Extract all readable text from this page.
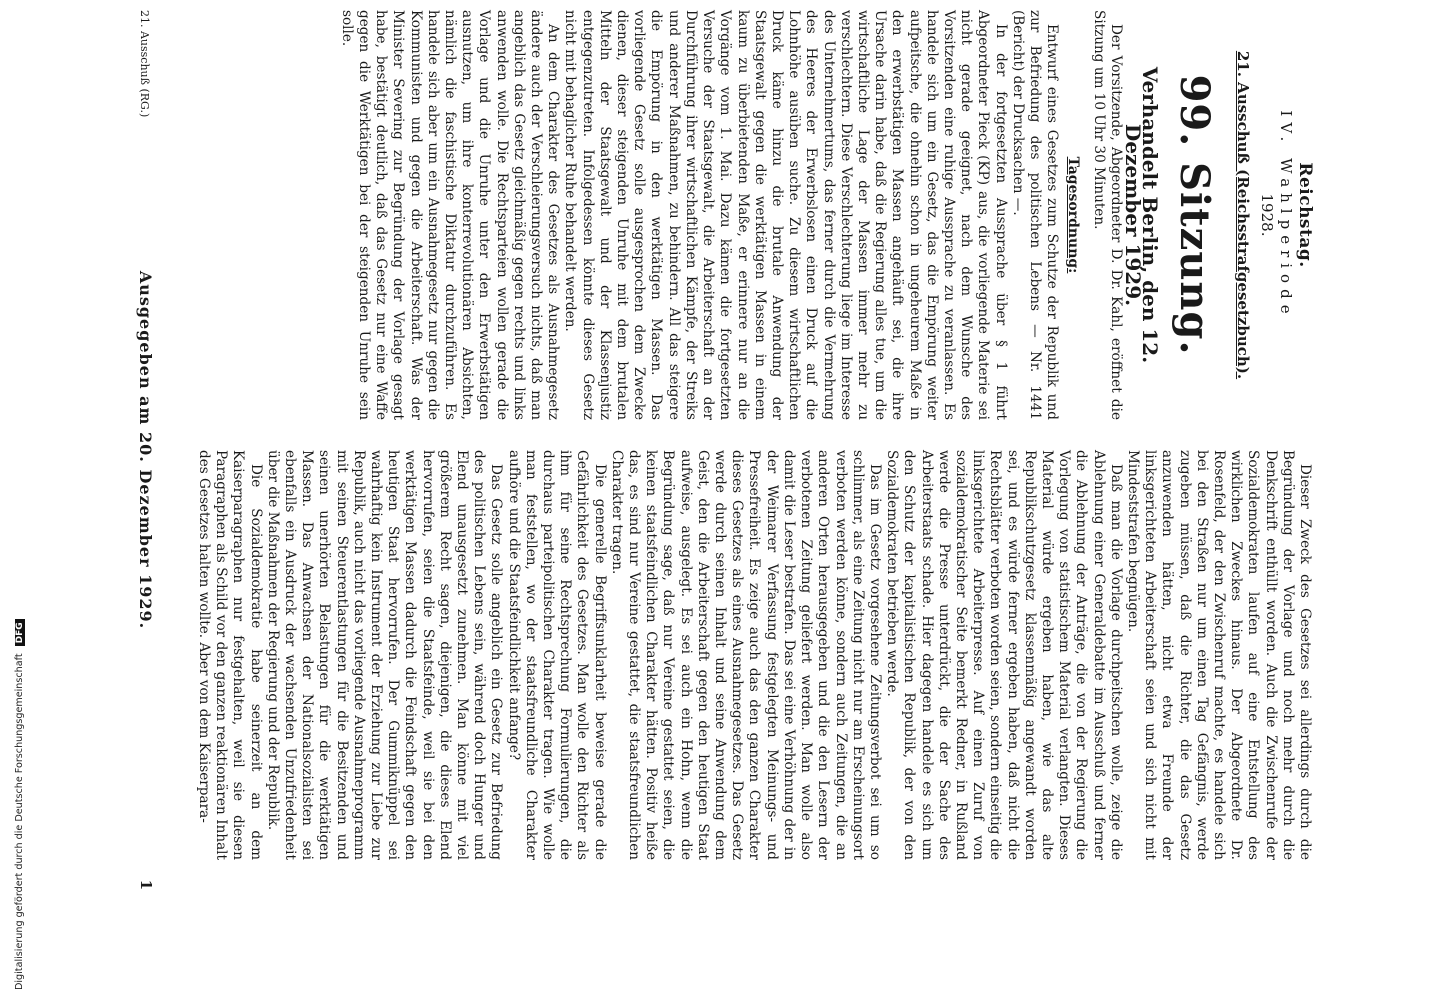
Reichstag.
IV. Wahlperiode
1928.
21. Ausschuß (Reichsstrafgesetzbuch).
99. Sitzung.
Verhandelt Berlin, den 12. Dezember 1929.

Der Vorsitzende, Abgeordneter D. Dr. Kahl, eröffnet die Sitzung um 10 Uhr 30 Minuten.

Tagesordnung:

Entwurf eines Gesetzes zum Schutze der Republik und zur Befriedung des politischen Lebens — Nr. 1441 (Bericht) der Drucksachen —.

In der fortgesetzten Aussprache über § 1 führt Abgeordneter Pieck (KP) aus, die vorliegende Materie sei nicht gerade geeignet, nach dem Wunsche des Vorsitzenden eine ruhige Aussprache zu veranlassen. Es handele sich um ein Gesetz, das die Empörung weiter aufpeitsche, die ohnehin schon in ungeheurem Maße in den erwerbstätigen Massen angehäuft sei, die ihre Ursache darin habe, daß die Regierung alles tue, um die wirtschaftliche Lage der Massen immer mehr zu verschlechtern. Diese Verschlechterung liege im Interesse des Unternehmertums, das ferner durch die Vermehrung des Heeres der Erwerbslosen einen Druck auf die Lohnhöhe ausüben suche. Zu diesem wirtschaftlichen Druck käme hinzu die brutale Anwendung der Staatsgewalt gegen die werktätigen Massen in einem kaum zu überbietenden Maße, er erinnere nur an die Vorgänge vom 1. Mai. Dazu kämen die fortgesetzten Versuche der Staatsgewalt, die Arbeiterschaft an der Durchführung ihrer wirtschaftlichen Kämpfe, der Streiks und anderer Maßnahmen, zu behindern. All das steigere die Empörung in den werktätigen Massen. Das vorliegende Gesetz solle ausgesprochen dem Zwecke dienen, dieser steigenden Unruhe mit dem brutalen Mitteln der Staatsgewalt und der Klassenjustiz entgegenzutreten. Infolgedessen könnte dieses Gesetz nicht mit behaglicher Ruhe behandelt werden.

An dem Charakter des Gesetzes als Ausnahmegesetz ändere auch der Verschleierungsversuch nichts, daß man angeblich das Gesetz gleichmäßig gegen rechts und links anwenden wolle. Die Rechtsparteien wollen gerade die Vorlage und die Unruhe unter den Erwerbstätigen ausnutzen, um ihre konterrevolutionären Absichten, nämlich die faschistische Diktatur durchzuführen. Es handele sich aber um ein Ausnahmegesetz nur gegen die Kommunisten und gegen die Arbeiterschaft. Was der Minister Severing zur Begründung der Vorlage gesagt habe, bestätigt deutlich, daß das Gesetz nur eine Waffe gegen die Werktätigen bei der steigenden Unruhe sein solle.

Dieser Zweck des Gesetzes sei allerdings durch die Begründung der Vorlage und noch mehr durch die Denkschrift enthüllt worden. Auch die Zwischenrufe der Sozialdemokraten laufen auf eine Entstellung des wirklichen Zweckes hinaus. Der Abgeordnete Dr. Rosenfeld, der den Zwischenruf machte, es handele sich bei den Straßen nur um einen Tag Gefängnis, werde zugeben müssen, daß die Richter, die das Gesetz anzuwenden hätten, nicht etwa Freunde der linksgerichteten Arbeiterschaft seien und sich nicht mit Mindeststrafen begnügen.

Daß man die Vorlage durchpeitschen wolle, zeige die Ablehnung einer Generaldebatte im Ausschuß und ferner die Ablehnung der Anträge, die von der Regierung die Vorlegung von statistischem Material verlangten. Dieses Material würde ergeben haben, wie das alte Republikschutzgesetz klassenmäßig angewandt worden sei, und es würde ferner ergeben haben, daß nicht die Rechtsblätter verboten worden seien, sondern einseitig die linksgerichtete Arbeiterpresse. Auf einen Zuruf von sozialdemokratischer Seite bemerkt Redner, in Rußland werde die Presse unterdrückt, die der Sache des Arbeiterstaats schade. Hier dagegen handele es sich um den Schutz der kapitalistischen Republik, der von den Sozialdemokraten betrieben werde.

Das im Gesetz vorgesehene Zeitungsverbot sei um so schlimmer, als eine Zeitung nicht nur am Erscheinungsort verboten werden könne, sondern auch Zeitungen, die an anderen Orten herausgegeben und die den Lesern der verbotenen Zeitung geliefert werden. Man wolle also damit die Leser bestrafen. Das sei eine Verhöhnung der in der Weimarer Verfassung festgelegten Meinungs- und Pressefreiheit. Es zeige auch das den ganzen Charakter dieses Gesetzes als eines Ausnahmegesetzes. Das Gesetz werde durch seinen Inhalt und seine Anwendung dem Geist, den die Arbeiterschaft gegen den heutigen Staat aufweise, ausgelegt. Es sei auch ein Hohn, wenn die Begründung sage, daß nur Vereine gestattet seien, die keinen staatsfeindlichen Charakter hätten. Positiv heiße das, es sind nur Vereine gestattet, die staatsfreundlichen Charakter tragen.

Die generelle Begriffsunklarheit beweise gerade die Gefährlichkeit des Gesetzes. Man wolle den Richter als ihm für seine Rechtsprechung Formulierungen, die durchaus parteipolitischen Charakter tragen. Wie wolle man feststellen, wo der staatsfreundliche Charakter aufhöre und die Staatsfeindlichkeit anfange?

Das Gesetz solle angeblich ein Gesetz zur Befriedung des politischen Lebens sein, während doch Hunger und Elend unausgesetzt zunehmen. Man könne mit viel größerem Recht sagen, diejenigen, die dieses Elend hervorrufen, seien die Staatsfeinde, weil sie bei den werktätigen Massen dadurch die Feindschaft gegen den heutigen Staat hervorrufen. Der Gummiknüppel sei wahrhaftig kein Instrument der Erziehung zur Liebe zur Republik, auch nicht das vorliegende Ausnahmeprogramm mit seinen Steuerentlastungen für die Besitzenden und seinen unerhörten Belastungen für die werktätigen Massen. Das Anwachsen der Nationalsozialisten sei ebenfalls ein Ausdruck der wachsenden Unzufriedenheit über die Maßnahmen der Regierung und der Republik.

Die Sozialdemokratie habe seinerzeit an dem Kaiserparagraphen nur festgehalten, weil sie diesen Paragraphen als Schild vor den ganzen reaktionären Inhalt des Gesetzes halten wollte. Aber von dem Kaiserpara-

21. Ausschuß (RG.)
Ausgegeben am 20. Dezember 1929.
1
Digitalisierung gefördert durch die Deutsche Forschungsgemeinschaft DFG
